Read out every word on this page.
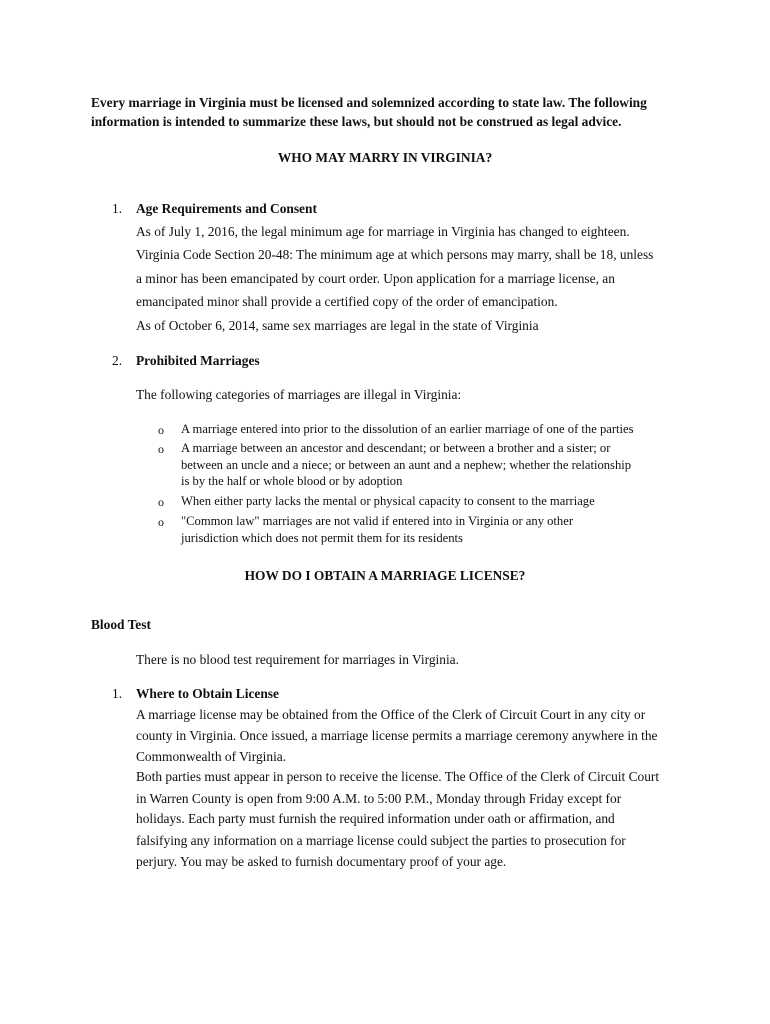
Every marriage in Virginia must be licensed and solemnized according to state law. The following
information is intended to summarize these laws, but should not be construed as legal advice.
WHO MAY MARRY IN VIRGINIA?
1. Age Requirements and Consent
As of July 1, 2016, the legal minimum age for marriage in Virginia has changed to eighteen.
Virginia Code Section 20-48: The minimum age at which persons may marry, shall be 18, unless
a minor has been emancipated by court order. Upon application for a marriage license, an
emancipated minor shall provide a certified copy of the order of emancipation.
As of October 6, 2014, same sex marriages are legal in the state of Virginia
2. Prohibited Marriages
The following categories of marriages are illegal in Virginia:
o A marriage entered into prior to the dissolution of an earlier marriage of one of the parties
o A marriage between an ancestor and descendant; or between a brother and a sister; or
between an uncle and a niece; or between an aunt and a nephew; whether the relationship
is by the half or whole blood or by adoption
o When either party lacks the mental or physical capacity to consent to the marriage
o "Common law" marriages are not valid if entered into in Virginia or any other
jurisdiction which does not permit them for its residents
HOW DO I OBTAIN A MARRIAGE LICENSE?
Blood Test
There is no blood test requirement for marriages in Virginia.
1. Where to Obtain License
A marriage license may be obtained from the Office of the Clerk of Circuit Court in any city or
county in Virginia. Once issued, a marriage license permits a marriage ceremony anywhere in the
Commonwealth of Virginia.
Both parties must appear in person to receive the license. The Office of the Clerk of Circuit Court
in Warren County is open from 9:00 A.M. to 5:00 P.M., Monday through Friday except for
holidays. Each party must furnish the required information under oath or affirmation, and
falsifying any information on a marriage license could subject the parties to prosecution for
perjury. You may be asked to furnish documentary proof of your age.
